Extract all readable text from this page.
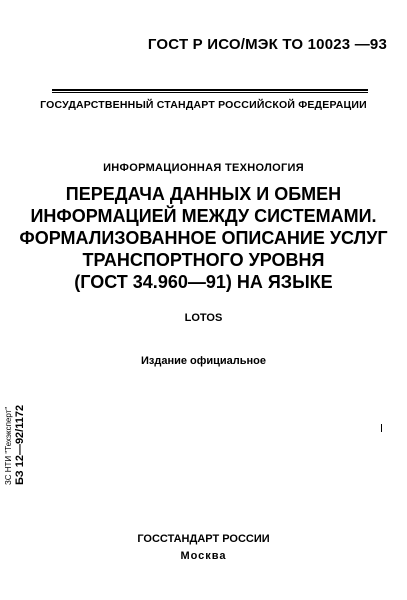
ГОСТ Р ИСО/МЭК ТО 10023 —93
ГОСУДАРСТВЕННЫЙ СТАНДАРТ РОССИЙСКОЙ ФЕДЕРАЦИИ
ИНФОРМАЦИОННАЯ ТЕХНОЛОГИЯ
ПЕРЕДАЧА ДАННЫХ И ОБМЕН
ИНФОРМАЦИЕЙ МЕЖДУ СИСТЕМАМИ.
ФОРМАЛИЗОВАННОЕ ОПИСАНИЕ УСЛУГ
ТРАНСПОРТНОГО УРОВНЯ
(ГОСТ 34.960—91) НА ЯЗЫКЕ
LOTOS
Издание официальное
ЗС НТИ "Техэксперт" БЗ 12—92/1172
ГОССТАНДАРТ РОССИИ
Москва
